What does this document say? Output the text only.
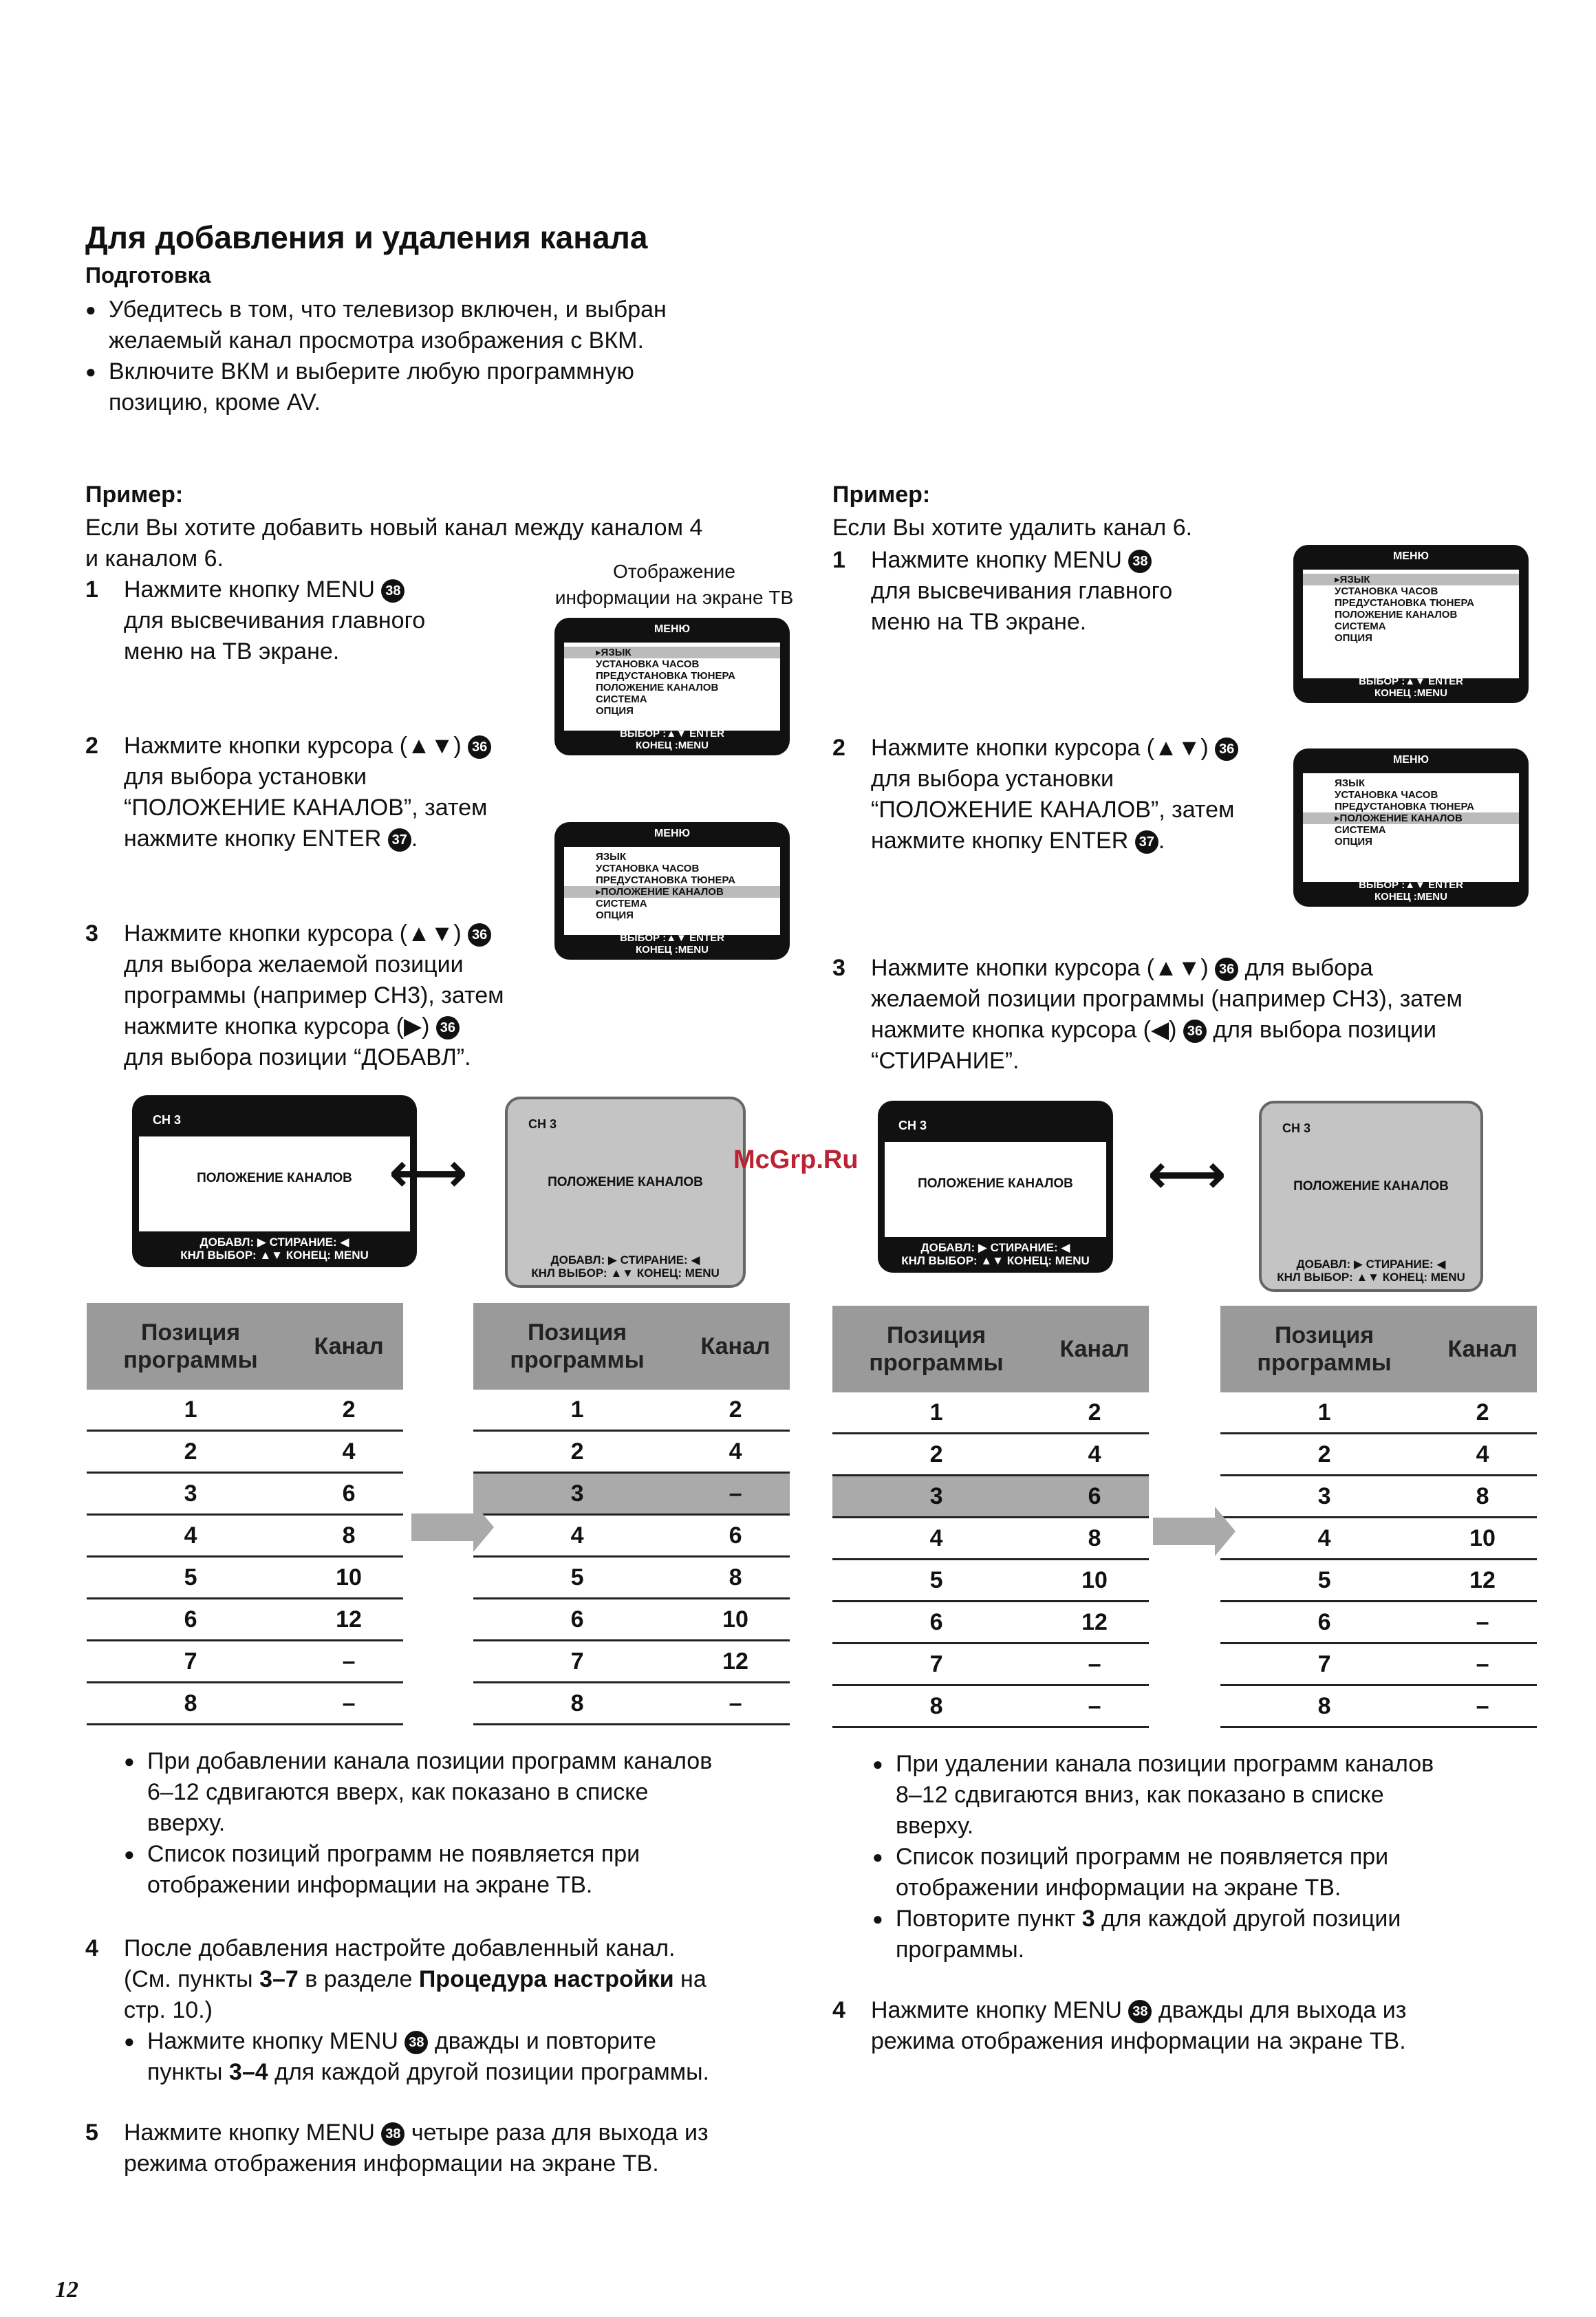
Для добавления и удаления канала
Подготовка
● Убедитесь в том, что телевизор включен, и выбран
желаемый канал просмотра изображения с ВКМ.
● Включите ВКМ и выберите любую программную
позицию, кроме AV.
Пример:
Если Вы хотите добавить новый канал между каналом 4
и каналом 6.	Отображение
информации на экране ТВ
1 Нажмите кнопку MENU 38
для высвечивания главного
меню на ТВ экране.
2 Нажмите кнопки курсора (▲▼) 36
для выбора установки
“ПОЛОЖЕНИЕ КАНАЛОВ”, затем
нажмите кнопку ENTER 37 .
3 Нажмите кнопки курсора (▲▼) 36
для выбора желаемой позиции
программы (например CH3), затем
нажмите кнопка курсора (▶) 36
для выбора позиции “ДОБАВЛ”.
МЕНЮ
▸ЯЗЫК
УСТАНОВКА ЧАСОВ
ПРЕДУСТАНОВКА ТЮНЕРА
ПОЛОЖЕНИЕ КАНАЛОВ
СИСТЕМА
ОПЦИЯ
ВЫБОР :▲▼ ENTER
КОНЕЦ :MENU
МЕНЮ
ЯЗЫК
УСТАНОВКА ЧАСОВ
ПРЕДУСТАНОВКА ТЮНЕРА
▸ПОЛОЖЕНИЕ КАНАЛОВ
СИСТЕМА
ОПЦИЯ
ВЫБОР :▲▼ ENTER
КОНЕЦ :MENU
Пример:
Если Вы хотите удалить канал 6.
1 Нажмите кнопку MENU 38
для высвечивания главного
меню на ТВ экране.
2 Нажмите кнопки курсора (▲▼) 36
для выбора установки
“ПОЛОЖЕНИЕ КАНАЛОВ”, затем
нажмите кнопку ENTER 37 .
3 Нажмите кнопки курсора (▲▼) 36 для выбора
желаемой позиции программы (например CH3), затем
нажмите кнопка курсора (◀) 36 для выбора позиции
“СТИРАНИЕ”.
МЕНЮ
▸ЯЗЫК
УСТАНОВКА ЧАСОВ
ПРЕДУСТАНОВКА ТЮНЕРА
ПОЛОЖЕНИЕ КАНАЛОВ
СИСТЕМА
ОПЦИЯ
ВЫБОР :▲▼ ENTER
КОНЕЦ :MENU
МЕНЮ
ЯЗЫК
УСТАНОВКА ЧАСОВ
ПРЕДУСТАНОВКА ТЮНЕРА
▸ПОЛОЖЕНИЕ КАНАЛОВ
СИСТЕМА
ОПЦИЯ
ВЫБОР :▲▼ ENTER
КОНЕЦ :MENU
CH 3
ПОЛОЖЕНИЕ КАНАЛОВ
ДОБАВЛ: ▶ СТИРАНИЕ: ◀
КНЛ ВЫБОР: ▲▼ КОНЕЦ: MENU
⟷
CH 3
ПОЛОЖЕНИЕ КАНАЛОВ
ДОБАВЛ: ▶ СТИРАНИЕ: ◀
КНЛ ВЫБОР: ▲▼ КОНЕЦ: MENU
CH 3
ПОЛОЖЕНИЕ КАНАЛОВ
ДОБАВЛ: ▶ СТИРАНИЕ: ◀
КНЛ ВЫБОР: ▲▼ КОНЕЦ: MENU
⟷
CH 3
ПОЛОЖЕНИЕ КАНАЛОВ
ДОБАВЛ: ▶ СТИРАНИЕ: ◀
КНЛ ВЫБОР: ▲▼ КОНЕЦ: MENU
McGrp.Ru
Позиция
программы	Канал
1	2
2	4
3	6
4	8
5	10
6	12
7	–
8	–
Позиция
программы	Канал
1	2
2	4
3	–
4	6
5	8
6	10
7	12
8	–
Позиция
программы	Канал
1	2
2	4
3	6
4	8
5	10
6	12
7	–
8	–
Позиция
программы	Канал
1	2
2	4
3	8
4	10
5	12
6	–
7	–
8	–
● При добавлении канала позиции программ каналов
6–12 сдвигаются вверх, как показано в списке
вверху.
● Список позиций программ не появляется при
отображении информации на экране ТВ.
4 После добавления настройте добавленный канал.
(См. пункты 3–7 в разделе Процедура настройки на
стр. 10.)
● Нажмите кнопку MENU 38 дважды и повторите
пункты 3–4 для каждой другой позиции программы.
5 Нажмите кнопку MENU 38 четыре раза для выхода из
режима отображения информации на экране ТВ.
● При удалении канала позиции программ каналов
8–12 сдвигаются вниз, как показано в списке
вверху.
● Список позиций программ не появляется при
отображении информации на экране ТВ.
● Повторите пункт 3 для каждой другой позиции
программы.
4 Нажмите кнопку MENU 38 дважды для выхода из
режима отображения информации на экране ТВ.
12
